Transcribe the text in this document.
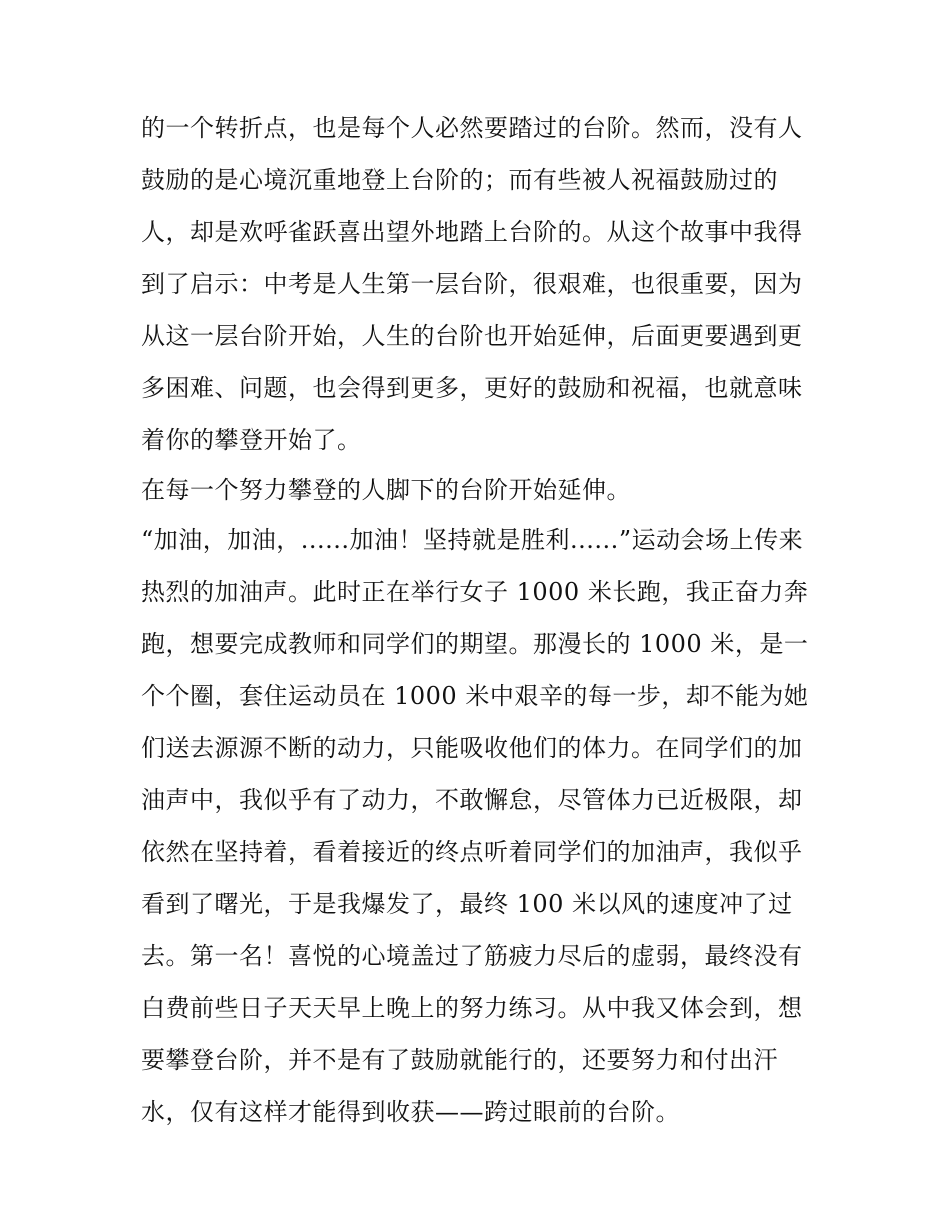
的一个转折点，也是每个人必然要踏过的台阶。然而，没有人
鼓励的是心境沉重地登上台阶的；而有些被人祝福鼓励过的
人，却是欢呼雀跃喜出望外地踏上台阶的。从这个故事中我得
到了启示：中考是人生第一层台阶，很艰难，也很重要，因为
从这一层台阶开始，人生的台阶也开始延伸，后面更要遇到更
多困难、问题，也会得到更多，更好的鼓励和祝福，也就意味
着你的攀登开始了。
在每一个努力攀登的人脚下的台阶开始延伸。
“加油，加油，......加油！坚持就是胜利......”运动会场上传来
热烈的加油声。此时正在举行女子 1000 米长跑，我正奋力奔
跑，想要完成教师和同学们的期望。那漫长的 1000 米，是一
个个圈，套住运动员在 1000 米中艰辛的每一步，却不能为她
们送去源源不断的动力，只能吸收他们的体力。在同学们的加
油声中，我似乎有了动力，不敢懈怠，尽管体力已近极限，却
依然在坚持着，看着接近的终点听着同学们的加油声，我似乎
看到了曙光，于是我爆发了，最终 100 米以风的速度冲了过
去。第一名！喜悦的心境盖过了筋疲力尽后的虚弱，最终没有
白费前些日子天天早上晚上的努力练习。从中我又体会到，想
要攀登台阶，并不是有了鼓励就能行的，还要努力和付出汗
水，仅有这样才能得到收获——跨过眼前的台阶。
